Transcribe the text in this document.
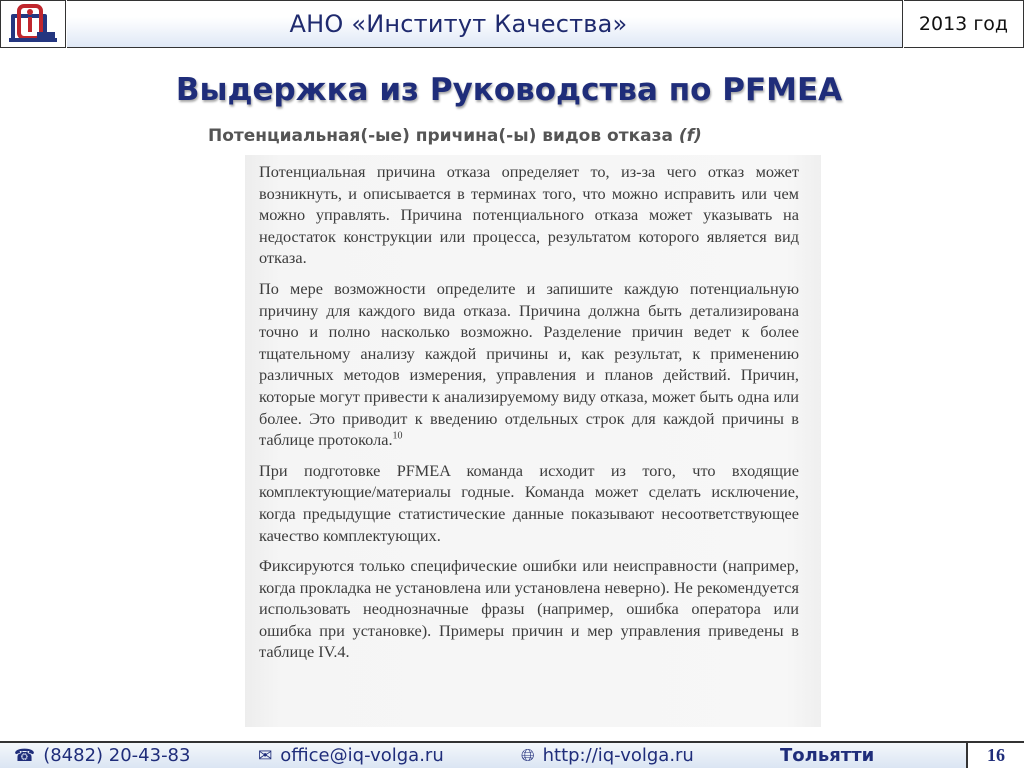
АНО «Институт Качества»	2013 год
Выдержка из Руководства по PFMEA
Потенциальная(-ые) причина(-ы) видов отказа (f)

Потенциальная причина отказа определяет то, из-за чего отказ может возникнуть, и описывается в терминах того, что можно исправить или чем можно управлять. Причина потенциального отказа может указывать на недостаток конструкции или процесса, результатом которого является вид отказа.

По мере возможности определите и запишите каждую потенциальную причину для каждого вида отказа. Причина должна быть детализирована точно и полно насколько возможно. Разделение причин ведет к более тщательному анализу каждой причины и, как результат, к применению различных методов измерения, управления и планов действий. Причин, которые могут привести к анализируемому виду отказа, может быть одна или более. Это приводит к введению отдельных строк для каждой причины в таблице протокола.$^{10}$

При подготовке PFMEA команда исходит из того, что входящие комплектующие/материалы годные. Команда может сделать исключение, когда предыдущие статистические данные показывают несоответствующее качество комплектующих.

Фиксируются только специфические ошибки или неисправности (например, когда прокладка не установлена или установлена неверно). Не рекомендуется использовать неоднозначные фразы (например, ошибка оператора или ошибка при установке). Примеры причин и мер управления приведены в таблице IV.4.

☎ (8482) 20-43-83	✉ office@iq-volga.ru	🌐︎ http://iq-volga.ru	Тольятти	16
